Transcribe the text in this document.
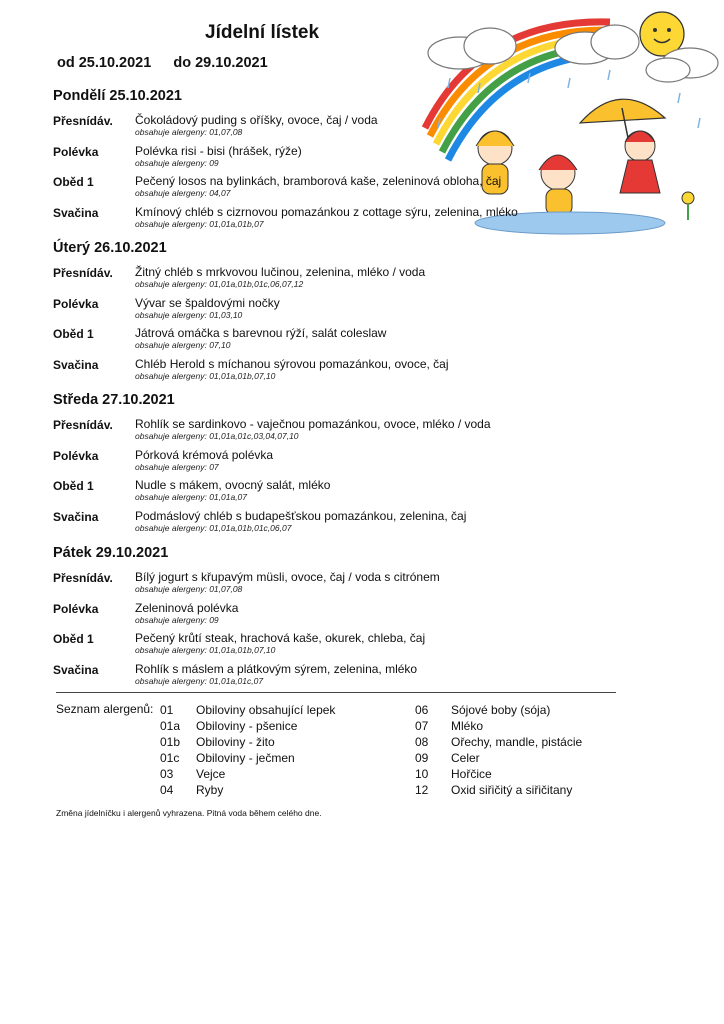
Jídelní lístek
od 25.10.2021 do 29.10.2021
Pondělí 25.10.2021
Přesnídáv.	Čokoládový puding s oříšky, ovoce, čaj / voda
obsahuje alergeny: 01,07,08
Polévka	Polévka risi - bisi (hrášek, rýže)
obsahuje alergeny: 09
Oběd 1	Pečený losos na bylinkách, bramborová kaše, zeleninová obloha, čaj
obsahuje alergeny: 04,07
Svačina	Kmínový chléb s cizrnovou pomazánkou z cottage sýru, zelenina, mléko
obsahuje alergeny: 01,01a,01b,07
Úterý 26.10.2021
Přesnídáv.	Žitný chléb s mrkvovou lučinou, zelenina, mléko / voda
obsahuje alergeny: 01,01a,01b,01c,06,07,12
Polévka	Vývar se špaldovými nočky
obsahuje alergeny: 01,03,10
Oběd 1	Játrová omáčka s barevnou rýží, salát coleslaw
obsahuje alergeny: 07,10
Svačina	Chléb Herold s míchanou sýrovou pomazánkou, ovoce, čaj
obsahuje alergeny: 01,01a,01b,07,10
Středa 27.10.2021
Přesnídáv.	Rohlík se sardinkovo - vaječnou pomazánkou, ovoce, mléko / voda
obsahuje alergeny: 01,01a,01c,03,04,07,10
Polévka	Pórková krémová polévka
obsahuje alergeny: 07
Oběd 1	Nudle s mákem, ovocný salát, mléko
obsahuje alergeny: 01,01a,07
Svačina	Podmáslový chléb s budapešťskou pomazánkou, zelenina, čaj
obsahuje alergeny: 01,01a,01b,01c,06,07
Pátek 29.10.2021
Přesnídáv.	Bílý jogurt s křupavým müsli, ovoce, čaj / voda s citrónem
obsahuje alergeny: 01,07,08
Polévka	Zeleninová polévka
obsahuje alergeny: 09
Oběd 1	Pečený krůtí steak, hrachová kaše, okurek, chleba, čaj
obsahuje alergeny: 01,01a,01b,07,10
Svačina	Rohlík s máslem a plátkovým sýrem, zelenina, mléko
obsahuje alergeny: 01,01a,01c,07
Seznam alergenů: 01 Obiloviny obsahující lepek
01a Obiloviny - pšenice
01b Obiloviny - žito
01c Obiloviny - ječmen
03 Vejce
04 Ryby
06 Sójové boby (sója)
07 Mléko
08 Ořechy, mandle, pistácie
09 Celer
10 Hořčice
12 Oxid siřičitý a siřičitany
Změna jídelníčku i alergenů vyhrazena. Pitná voda během celého dne.
